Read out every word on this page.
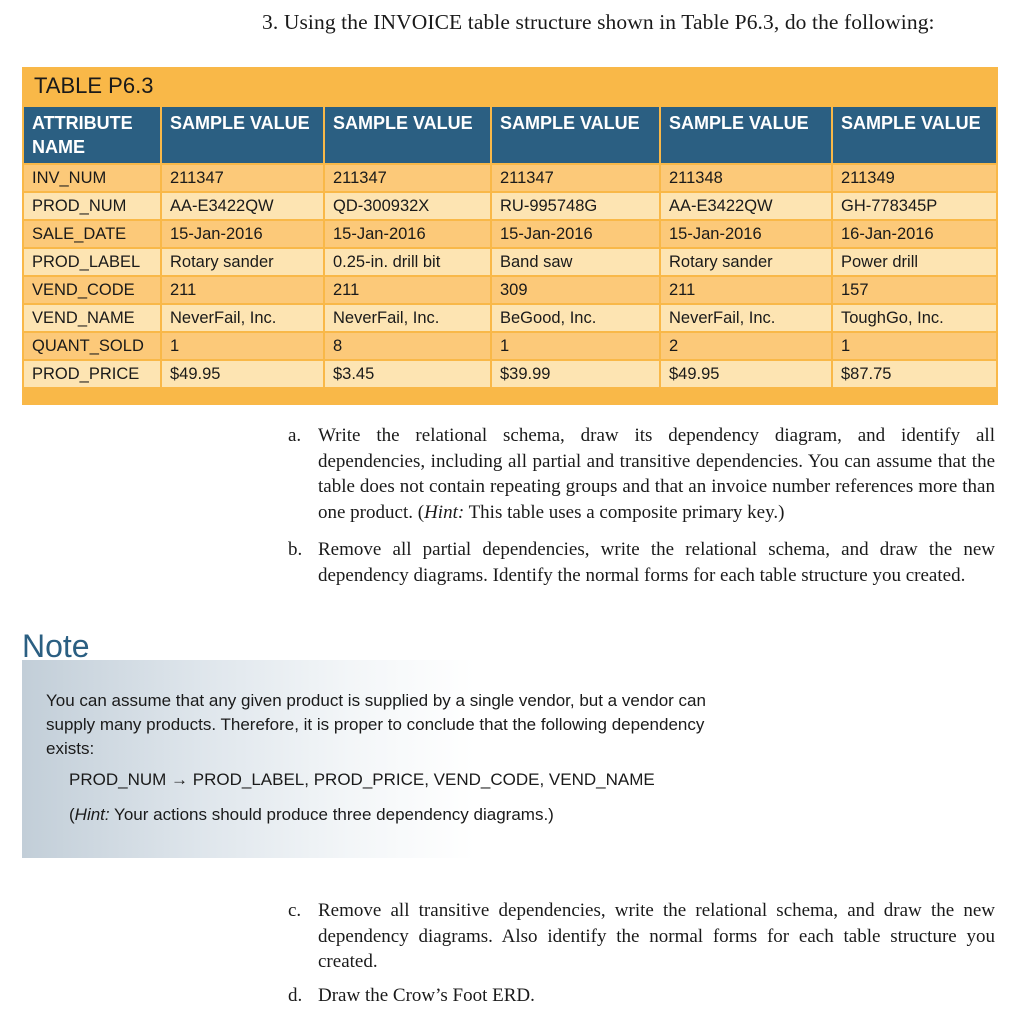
3. Using the INVOICE table structure shown in Table P6.3, do the following:
TABLE P6.3
ATTRIBUTE NAME	SAMPLE VALUE	SAMPLE VALUE	SAMPLE VALUE	SAMPLE VALUE	SAMPLE VALUE
INV_NUM	211347	211347	211347	211348	211349
PROD_NUM	AA-E3422QW	QD-300932X	RU-995748G	AA-E3422QW	GH-778345P
SALE_DATE	15-Jan-2016	15-Jan-2016	15-Jan-2016	15-Jan-2016	16-Jan-2016
PROD_LABEL	Rotary sander	0.25-in. drill bit	Band saw	Rotary sander	Power drill
VEND_CODE	211	211	309	211	157
VEND_NAME	NeverFail, Inc.	NeverFail, Inc.	BeGood, Inc.	NeverFail, Inc.	ToughGo, Inc.
QUANT_SOLD	1	8	1	2	1
PROD_PRICE	$49.95	$3.45	$39.99	$49.95	$87.75
a. Write the relational schema, draw its dependency diagram, and identify all dependencies, including all partial and transitive dependencies. You can assume that the table does not contain repeating groups and that an invoice number references more than one product. (Hint: This table uses a composite primary key.)
b. Remove all partial dependencies, write the relational schema, and draw the new dependency diagrams. Identify the normal forms for each table structure you created.
You can assume that any given product is supplied by a single vendor, but a vendor can supply many products. Therefore, it is proper to conclude that the following dependency exists:
PROD_NUM → PROD_LABEL, PROD_PRICE, VEND_CODE, VEND_NAME
(Hint: Your actions should produce three dependency diagrams.)
Note
c. Remove all transitive dependencies, write the relational schema, and draw the new dependency diagrams. Also identify the normal forms for each table structure you created.
d. Draw the Crow’s Foot ERD.
